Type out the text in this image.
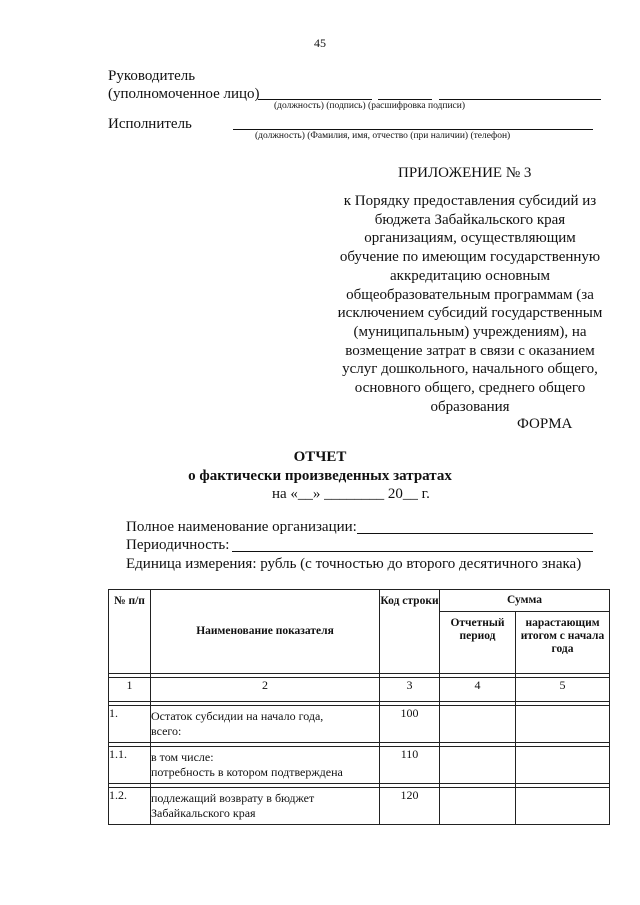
45
Руководитель
(уполномоченное лицо)
(должность) (подпись) (расшифровка подписи)
Исполнитель
(должность) (Фамилия, имя, отчество (при наличии) (телефон)
ПРИЛОЖЕНИЕ № 3
к Порядку предоставления субсидий из
бюджета Забайкальского края
организациям, осуществляющим
обучение по имеющим государственную
аккредитацию основным
общеобразовательным программам (за
исключением субсидий государственным
(муниципальным) учреждениям), на
возмещение затрат в связи с оказанием
услуг дошкольного, начального общего,
основного общего, среднего общего
образования
ФОРМА
ОТЧЕТ
о фактически произведенных затратах
на «__» ________ 20__ г.
Полное наименование организации:
Периодичность:
Единица измерения: рубль (с точностью до второго десятичного знака)
№ п/п	Наименование показателя	Код строки	Сумма	
			Отчетный период	нарастающим итогом с начала года

1	2	3	4	5

1.	Остаток субсидии на начало года,
всего:	100		

1.1.	в том числе:
потребность в котором подтверждена	110		

1.2.	подлежащий возврату в бюджет
Забайкальского края	120		
